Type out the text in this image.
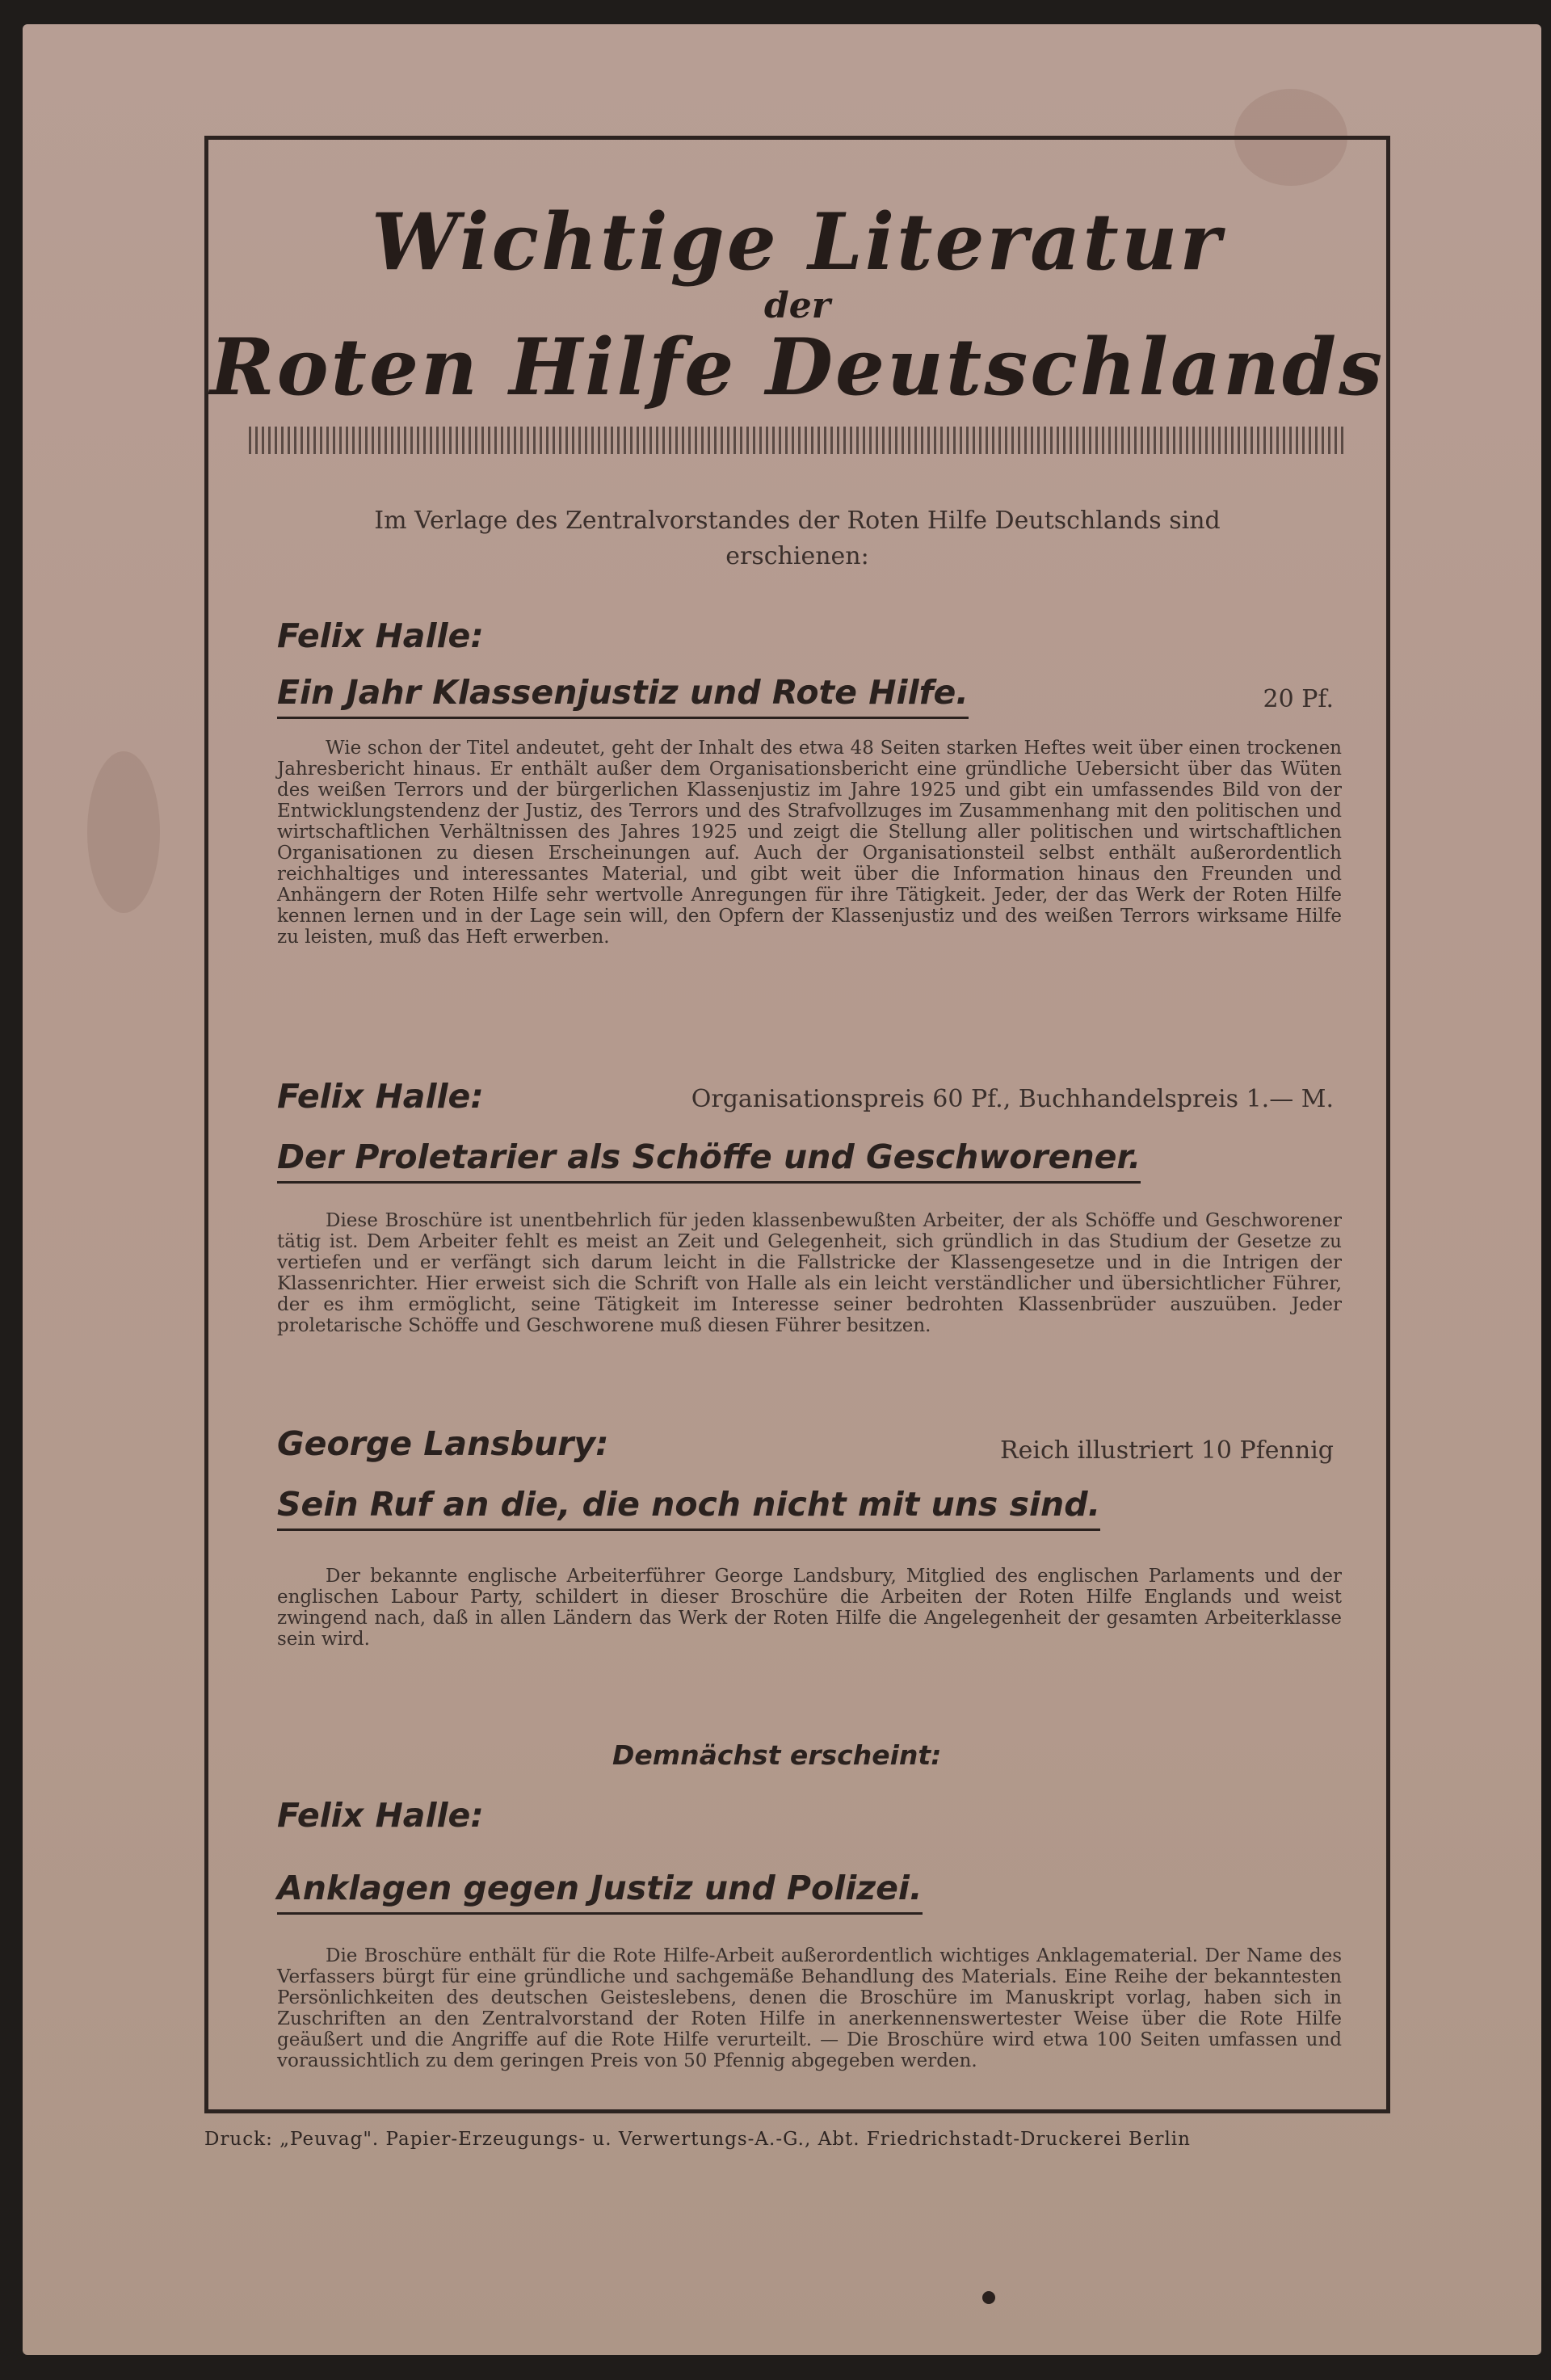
Wichtige Literatur
der
Roten Hilfe Deutschlands
Im Verlage des Zentralvorstandes der Roten Hilfe Deutschlands sind erschienen:
Felix Halle:
Ein Jahr Klassenjustiz und Rote Hilfe.	20 Pf.
Wie schon der Titel andeutet, geht der Inhalt des etwa 48 Seiten starken Heftes weit über einen trockenen Jahresbericht hinaus. Er enthält außer dem Organisationsbericht eine gründliche Uebersicht über das Wüten des weißen Terrors und der bürgerlichen Klassenjustiz im Jahre 1925 und gibt ein umfassendes Bild von der Entwicklungstendenz der Justiz, des Terrors und des Strafvollzuges im Zusammenhang mit den politischen und wirtschaftlichen Verhältnissen des Jahres 1925 und zeigt die Stellung aller politischen und wirtschaftlichen Organisationen zu diesen Erscheinungen auf. Auch der Organisationsteil selbst enthält außerordentlich reichhaltiges und interessantes Material, und gibt weit über die Information hinaus den Freunden und Anhängern der Roten Hilfe sehr wertvolle Anregungen für ihre Tätigkeit. Jeder, der das Werk der Roten Hilfe kennen lernen und in der Lage sein will, den Opfern der Klassenjustiz und des weißen Terrors wirksame Hilfe zu leisten, muß das Heft erwerben.
Felix Halle:	Organisationspreis 60 Pf., Buchhandelspreis 1.— M.
Der Proletarier als Schöffe und Geschworener.
Diese Broschüre ist unentbehrlich für jeden klassenbewußten Arbeiter, der als Schöffe und Geschworener tätig ist. Dem Arbeiter fehlt es meist an Zeit und Gelegenheit, sich gründlich in das Studium der Gesetze zu vertiefen und er verfängt sich darum leicht in die Fallstricke der Klassengesetze und in die Intrigen der Klassenrichter. Hier erweist sich die Schrift von Halle als ein leicht verständlicher und übersichtlicher Führer, der es ihm ermöglicht, seine Tätigkeit im Interesse seiner bedrohten Klassenbrüder auszuüben. Jeder proletarische Schöffe und Geschworene muß diesen Führer besitzen.
George Lansbury:	Reich illustriert 10 Pfennig
Sein Ruf an die, die noch nicht mit uns sind.
Der bekannte englische Arbeiterführer George Landsbury, Mitglied des englischen Parlaments und der englischen Labour Party, schildert in dieser Broschüre die Arbeiten der Roten Hilfe Englands und weist zwingend nach, daß in allen Ländern das Werk der Roten Hilfe die Angelegenheit der gesamten Arbeiterklasse sein wird.
Demnächst erscheint:
Felix Halle:
Anklagen gegen Justiz und Polizei.
Die Broschüre enthält für die Rote Hilfe-Arbeit außerordentlich wichtiges Anklagematerial. Der Name des Verfassers bürgt für eine gründliche und sachgemäße Behandlung des Materials. Eine Reihe der bekanntesten Persönlichkeiten des deutschen Geisteslebens, denen die Broschüre im Manuskript vorlag, haben sich in Zuschriften an den Zentralvorstand der Roten Hilfe in anerkennenswertester Weise über die Rote Hilfe geäußert und die Angriffe auf die Rote Hilfe verurteilt. — Die Broschüre wird etwa 100 Seiten umfassen und voraussichtlich zu dem geringen Preis von 50 Pfennig abgegeben werden.
Druck: „Peuvag". Papier-Erzeugungs- u. Verwertungs-A.-G., Abt. Friedrichstadt-Druckerei Berlin
